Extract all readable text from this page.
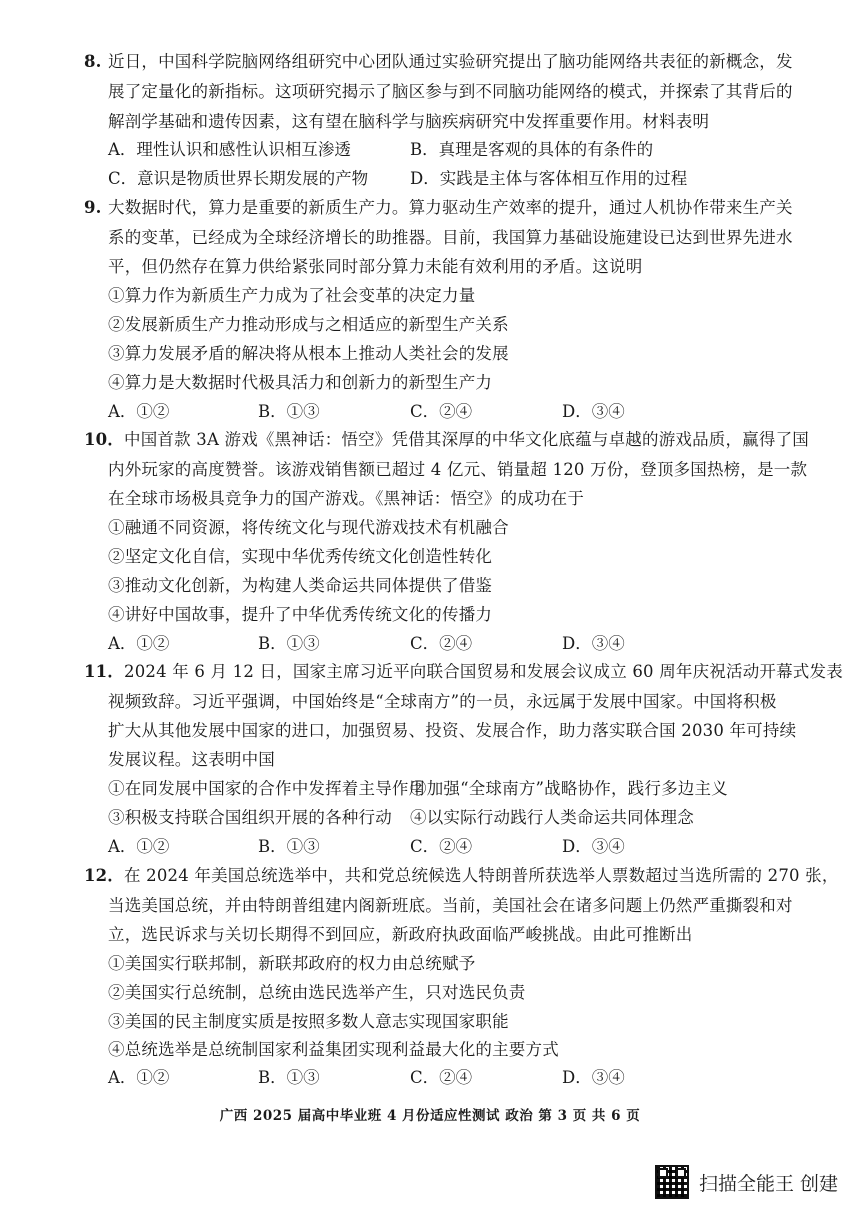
8. 近日，中国科学院脑网络组研究中心团队通过实验研究提出了脑功能网络共表征的新概念，发
展了定量化的新指标。这项研究揭示了脑区参与到不同脑功能网络的模式，并探索了其背后的
解剖学基础和遗传因素，这有望在脑科学与脑疾病研究中发挥重要作用。材料表明
A．理性认识和感性认识相互渗透	B．真理是客观的具体的有条件的
C．意识是物质世界长期发展的产物	D．实践是主体与客体相互作用的过程
9. 大数据时代，算力是重要的新质生产力。算力驱动生产效率的提升，通过人机协作带来生产关
系的变革，已经成为全球经济增长的助推器。目前，我国算力基础设施建设已达到世界先进水
平，但仍然存在算力供给紧张同时部分算力未能有效利用的矛盾。这说明
①算力作为新质生产力成为了社会变革的决定力量
②发展新质生产力推动形成与之相适应的新型生产关系
③算力发展矛盾的解决将从根本上推动人类社会的发展
④算力是大数据时代极具活力和创新力的新型生产力
A．①②	B．①③	C．②④	D．③④
10． 中国首款 3A 游戏《黑神话：悟空》凭借其深厚的中华文化底蕴与卓越的游戏品质，赢得了国
内外玩家的高度赞誉。该游戏销售额已超过 4 亿元、销量超 120 万份，登顶多国热榜，是一款
在全球市场极具竞争力的国产游戏。《黑神话：悟空》的成功在于
①融通不同资源，将传统文化与现代游戏技术有机融合
②坚定文化自信，实现中华优秀传统文化创造性转化
③推动文化创新，为构建人类命运共同体提供了借鉴
④讲好中国故事，提升了中华优秀传统文化的传播力
A．①②	B．①③	C．②④	D．③④
11． 2024 年 6 月 12 日，国家主席习近平向联合国贸易和发展会议成立 60 周年庆祝活动开幕式发表
视频致辞。习近平强调，中国始终是“全球南方”的一员，永远属于发展中国家。中国将积极
扩大从其他发展中国家的进口，加强贸易、投资、发展合作，助力落实联合国 2030 年可持续
发展议程。这表明中国
①在同发展中国家的合作中发挥着主导作用
②加强“全球南方”战略协作，践行多边主义
③积极支持联合国组织开展的各种行动 ④以实际行动践行人类命运共同体理念
A．①②	B．①③	C．②④	D．③④
12． 在 2024 年美国总统选举中，共和党总统候选人特朗普所获选举人票数超过当选所需的 270 张，
当选美国总统，并由特朗普组建内阁新班底。当前，美国社会在诸多问题上仍然严重撕裂和对
立，选民诉求与关切长期得不到回应，新政府执政面临严峻挑战。由此可推断出
①美国实行联邦制，新联邦政府的权力由总统赋予
②美国实行总统制，总统由选民选举产生，只对选民负责
③美国的民主制度实质是按照多数人意志实现国家职能
④总统选举是总统制国家利益集团实现利益最大化的主要方式
A．①②	B．①③	C．②④	D．③④
广西 2025 届高中毕业班 4 月份适应性测试 政治 第 3 页 共 6 页
扫描全能王 创建
